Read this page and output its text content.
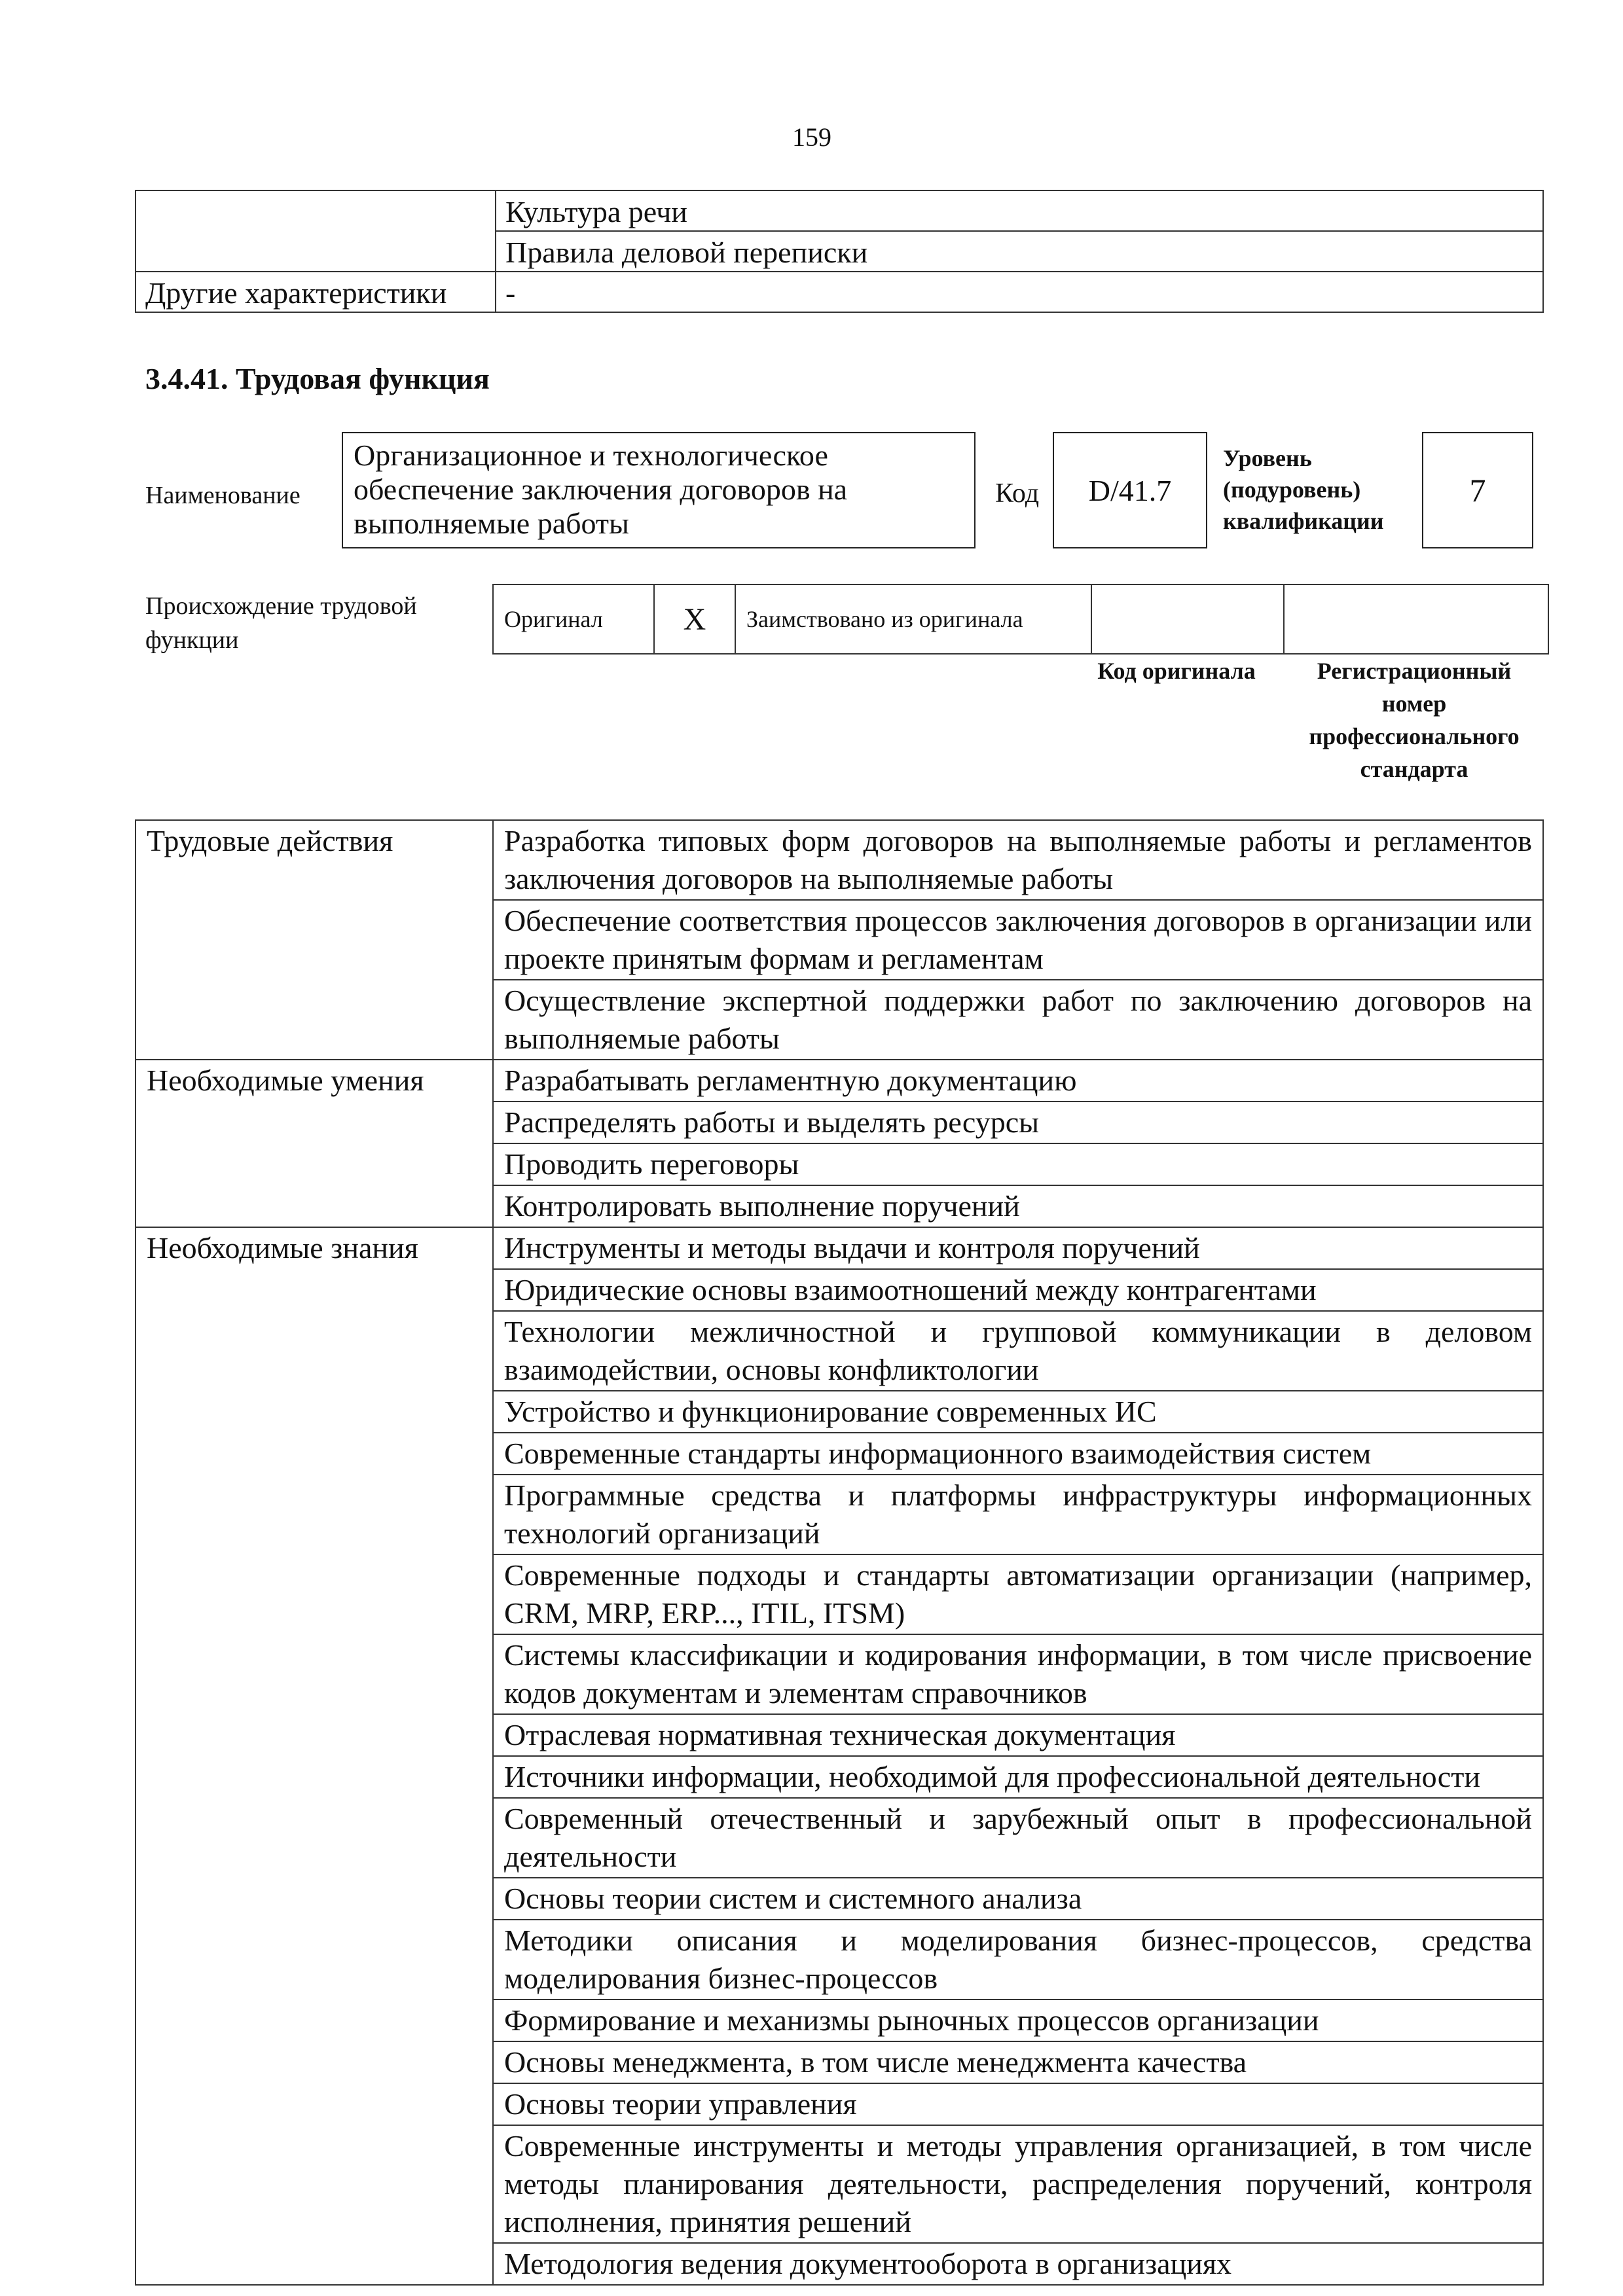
159
	Культура речи
	Правила деловой переписки
Другие характеристики	-
3.4.41. Трудовая функция
Наименование
Организационное и технологическое обеспечение заключения договоров на выполняемые работы
Код	D/41.7
Уровень
(подуровень)
квалификации
7
Происхождение трудовой функции
Оригинал	X	Заимствовано из оригинала		
Код оригинала	Регистрационный номер профессионального стандарта
Трудовые действия	Разработка типовых форм договоров на выполняемые работы и регламентов заключения договоров на выполняемые работы
	Обеспечение соответствия процессов заключения договоров в организации или проекте принятым формам и регламентам
	Осуществление экспертной поддержки работ по заключению договоров на выполняемые работы
Необходимые умения	Разрабатывать регламентную документацию
	Распределять работы и выделять ресурсы
	Проводить переговоры
	Контролировать выполнение поручений
Необходимые знания	Инструменты и методы выдачи и контроля поручений
	Юридические основы взаимоотношений между контрагентами
	Технологии межличностной и групповой коммуникации в деловом взаимодействии, основы конфликтологии
	Устройство и функционирование современных ИС
	Современные стандарты информационного взаимодействия систем
	Программные средства и платформы инфраструктуры информационных технологий организаций
	Современные подходы и стандарты автоматизации организации (например, CRM, MRP, ERP..., ITIL, ITSM)
	Системы классификации и кодирования информации, в том числе присвоение кодов документам и элементам справочников
	Отраслевая нормативная техническая документация
	Источники информации, необходимой для профессиональной деятельности
	Современный отечественный и зарубежный опыт в профессиональной деятельности
	Основы теории систем и системного анализа
	Методики описания и моделирования бизнес-процессов, средства моделирования бизнес-процессов
	Формирование и механизмы рыночных процессов организации
	Основы менеджмента, в том числе менеджмента качества
	Основы теории управления
	Современные инструменты и методы управления организацией, в том числе методы планирования деятельности, распределения поручений, контроля исполнения, принятия решений
	Методология ведения документооборота в организациях
